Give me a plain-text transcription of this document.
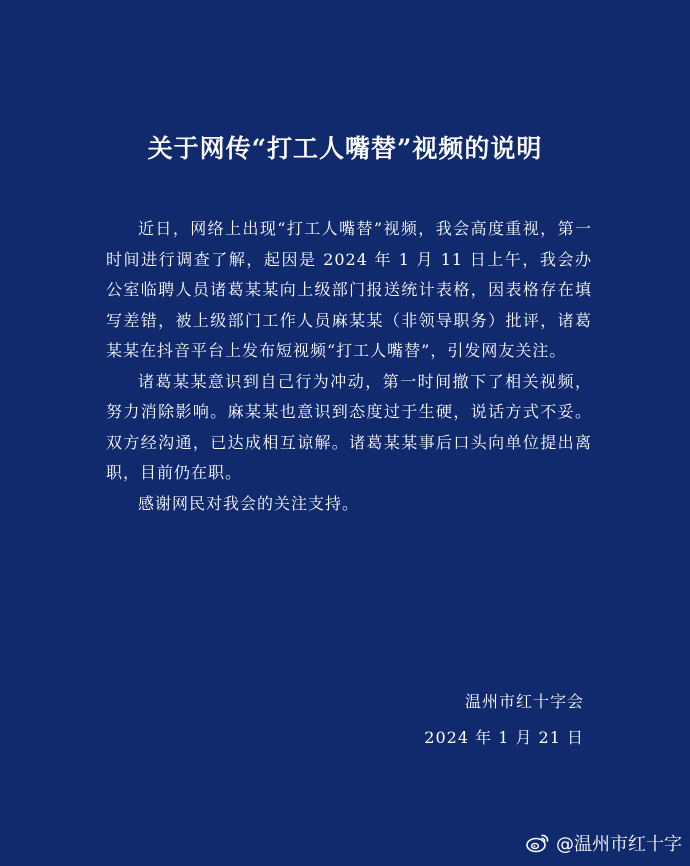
关于网传“打工人嘴替”视频的说明

近日，网络上出现“打工人嘴替”视频，我会高度重视，第一时间进行调查了解，起因是 2024 年 1 月 11 日上午，我会办公室临聘人员诸葛某某向上级部门报送统计表格，因表格存在填写差错，被上级部门工作人员麻某某（非领导职务）批评，诸葛某某在抖音平台上发布短视频“打工人嘴替”，引发网友关注。

诸葛某某意识到自己行为冲动，第一时间撤下了相关视频，努力消除影响。麻某某也意识到态度过于生硬，说话方式不妥。双方经沟通，已达成相互谅解。诸葛某某事后口头向单位提出离职，目前仍在职。

感谢网民对我会的关注支持。

温州市红十字会
2024 年 1 月 21 日
@温州市红十字
